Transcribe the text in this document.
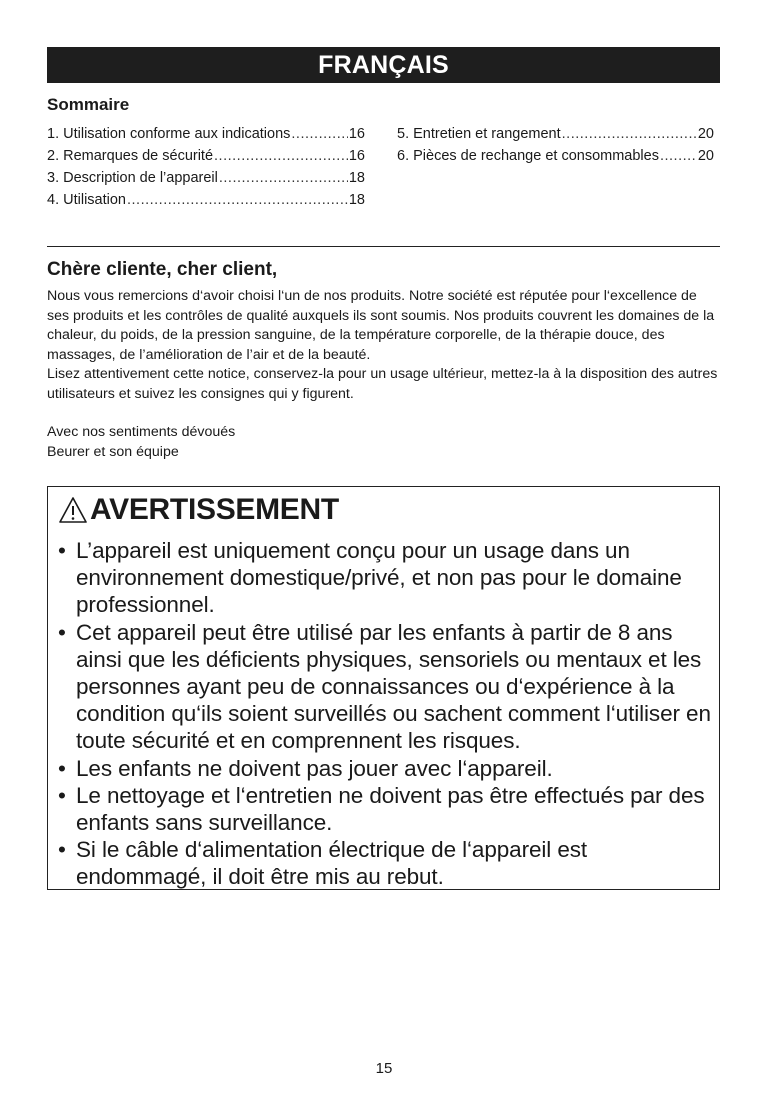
FRANÇAIS
Sommaire
1. Utilisation conforme aux indications .....	16
2. Remarques de sécurité .....	16
3. Description de l’appareil .....	18
4. Utilisation .....	18
5. Entretien et rangement .....	20
6. Pièces de rechange et consommables .....	20
Chère cliente, cher client,
Nous vous remercions d‘avoir choisi l‘un de nos produits. Notre société est réputée pour l‘excellence de ses produits et les contrôles de qualité auxquels ils sont soumis. Nos produits couvrent les domaines de la chaleur, du poids, de la pression sanguine, de la température corporelle, de la thérapie douce, des massages, de l’amélioration de l’air et de la beauté.
Lisez attentivement cette notice, conservez-la pour un usage ultérieur, mettez-la à la disposition des autres utilisateurs et suivez les consignes qui y figurent.
Avec nos sentiments dévoués
Beurer et son équipe
AVERTISSEMENT
• L’appareil est uniquement conçu pour un usage dans un environnement domestique/privé, et non pas pour le domaine professionnel.
• Cet appareil peut être utilisé par les enfants à partir de 8 ans ainsi que les déficients physiques, sensoriels ou mentaux et les personnes ayant peu de connaissances ou d‘expérience à la condition qu‘ils soient surveillés ou sachent comment l‘utiliser en toute sécurité et en comprennent les risques.
• Les enfants ne doivent pas jouer avec l‘appareil.
• Le nettoyage et l‘entretien ne doivent pas être effectués par des enfants sans surveillance.
• Si le câble d‘alimentation électrique de l‘appareil est endommagé, il doit être mis au rebut.
15
